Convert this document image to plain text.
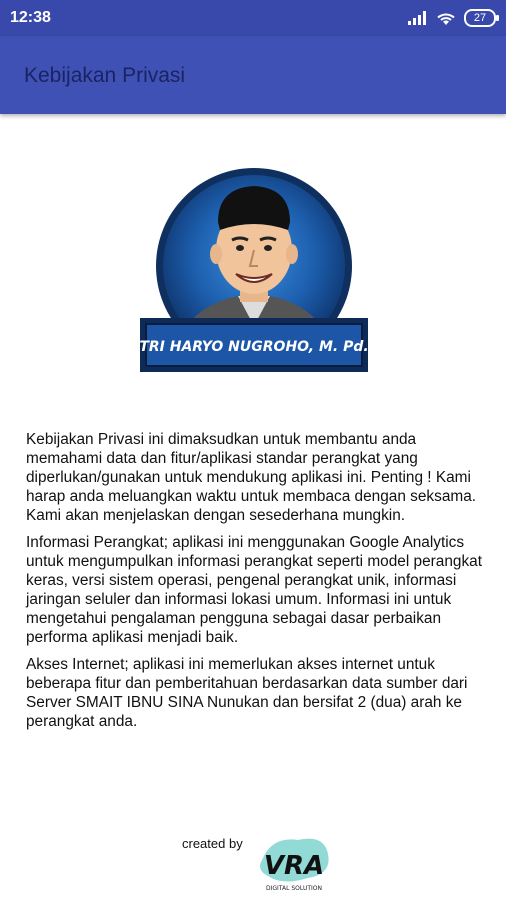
12:38	27
Kebijakan Privasi
TRI HARYO NUGROHO, M. Pd.

Kebijakan Privasi ini dimaksudkan untuk membantu anda memahami data dan fitur/aplikasi standar perangkat yang diperlukan/gunakan untuk mendukung aplikasi ini. Penting ! Kami harap anda meluangkan waktu untuk membaca dengan seksama. Kami akan menjelaskan dengan sesederhana mungkin.

Informasi Perangkat; aplikasi ini menggunakan Google Analytics untuk mengumpulkan informasi perangkat seperti model perangkat keras, versi sistem operasi, pengenal perangkat unik, informasi jaringan seluler dan informasi lokasi umum. Informasi ini untuk mengetahui pengalaman pengguna sebagai dasar perbaikan performa aplikasi menjadi baik.

Akses Internet; aplikasi ini memerlukan akses internet untuk beberapa fitur dan pemberitahuan berdasarkan data sumber dari Server SMAIT IBNU SINA Nunukan dan bersifat 2 (dua) arah ke perangkat anda.

created by
VRA
DIGITAL SOLUTION
